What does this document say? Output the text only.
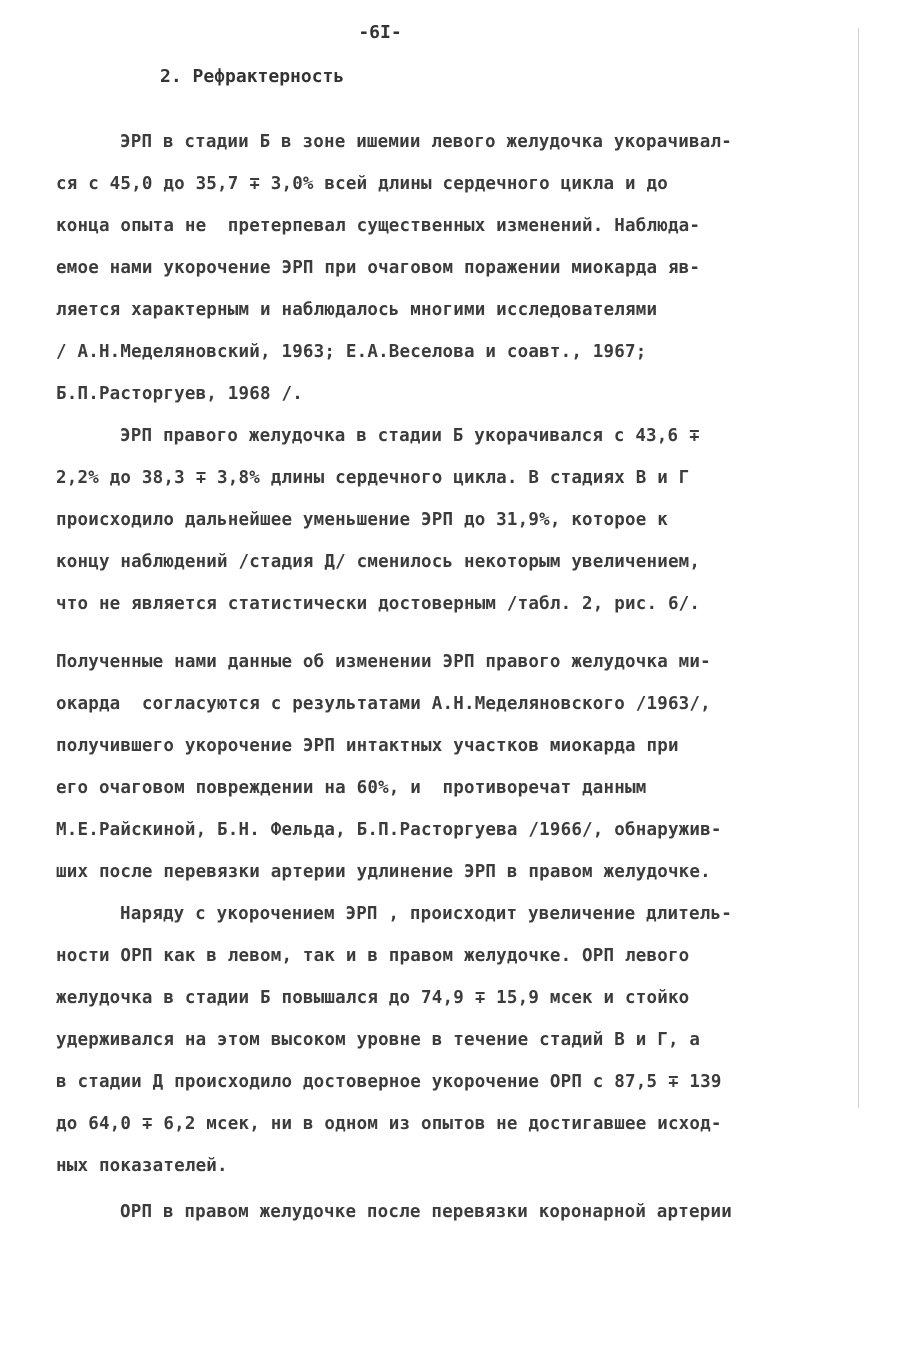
-6I-
2. Рефрактерность

ЭРП в стадии Б в зоне ишемии левого желудочка укорачивал-

ся с 45,0 до 35,7 ∓ 3,0% всей длины сердечного цикла и до

конца опыта не  претерпевал существенных изменений. Наблюда-

емое нами укорочение ЭРП при очаговом поражении миокарда яв-

ляется характерным и наблюдалось многими исследователями

/ А.Н.Меделяновский, 1963; Е.А.Веселова и соавт., 1967;

Б.П.Расторгуев, 1968 /.

ЭРП правого желудочка в стадии Б укорачивался с 43,6 ∓

2,2% до 38,3 ∓ 3,8% длины сердечного цикла. В стадиях В и Г

происходило дальнейшее уменьшение ЭРП до 31,9%, которое к

концу наблюдений /стадия Д/ сменилось некоторым увеличением,

что не является статистически достоверным /табл. 2, рис. 6/.

Полученные нами данные об изменении ЭРП правого желудочка ми-

окарда  согласуются с результатами А.Н.Меделяновского /1963/,

получившего укорочение ЭРП интактных участков миокарда при

его очаговом повреждении на 60%, и  противоречат данным

М.Е.Райскиной, Б.Н. Фельда, Б.П.Расторгуева /1966/, обнаружив-

ших после перевязки артерии удлинение ЭРП в правом желудочке.

Наряду с укорочением ЭРП , происходит увеличение длитель-

ности ОРП как в левом, так и в правом желудочке. ОРП левого

желудочка в стадии Б повышался до 74,9 ∓ 15,9 мсек и стойко

удерживался на этом высоком уровне в течение стадий В и Г, а

в стадии Д происходило достоверное укорочение ОРП с 87,5 ∓ 139

до 64,0 ∓ 6,2 мсек, ни в одном из опытов не достигавшее исход-

ных показателей.

ОРП в правом желудочке после перевязки коронарной артерии
